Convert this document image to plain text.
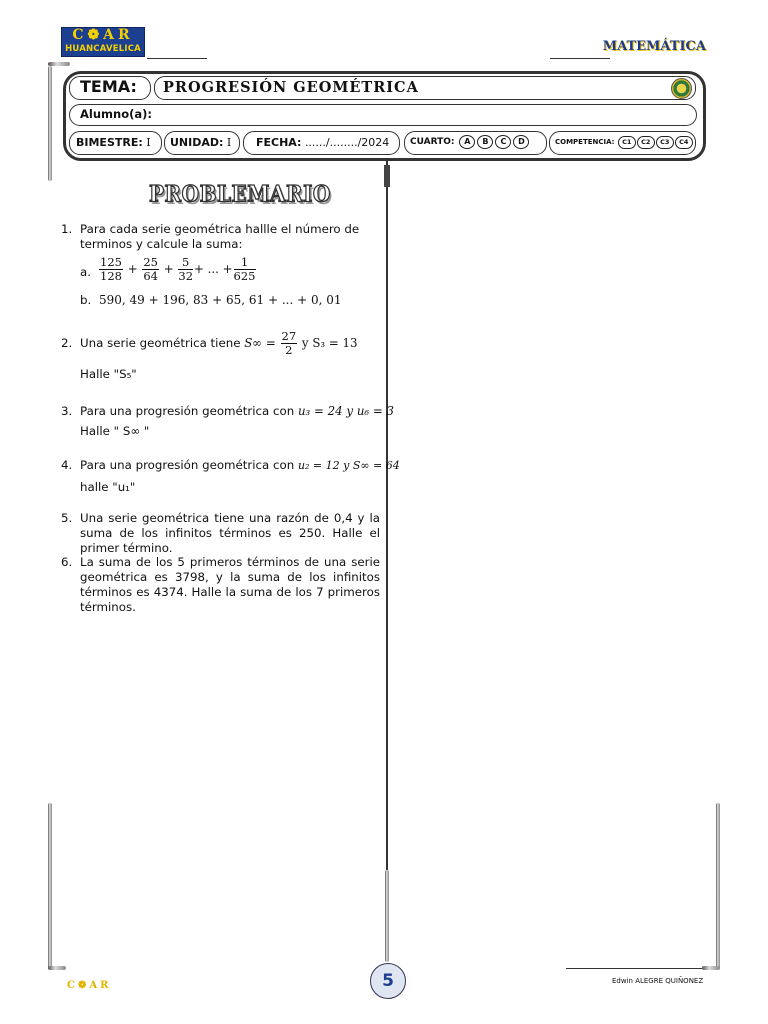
C❁AR
HUANCAVELICA	MATEMÁTICA
TEMA:	PROGRESIÓN GEOMÉTRICA
Alumno(a):
BIMESTRE: I	UNIDAD: I	FECHA: ....../......../2024	CUARTO: A B C D	COMPETENCIA: C1 C2 C3 C4
PROBLEMARIO
1. Para cada serie geométrica hallle el número de terminos y calcule la suma:
a. $\frac{125}{128} + \frac{25}{64} + \frac{5}{32}$ + ... + $\frac{1}{625}$
b. 590, 49 + 196, 83 + 65, 61 + ... + 0, 01
2. Una serie geométrica tiene $S\infty = \frac{27}{2}$ y S₃ = 13
Halle "S₅"
3. Para una progresión geométrica con u₃ = 24 y u₆ = 3
Halle " S∞ "
4. Para una progresión geométrica con u₂ = 12 y S∞ = 64
halle "u₁"
5. Una serie geométrica tiene una razón de 0,4 y la suma de los infinitos términos es 250. Halle el primer término.
6. La suma de los 5 primeros términos de una serie geométrica es 3798, y la suma de los infinitos términos es 4374. Halle la suma de los 7 primeros términos.
C❁AR	5	Edwin ALEGRE QUIÑONEZ
